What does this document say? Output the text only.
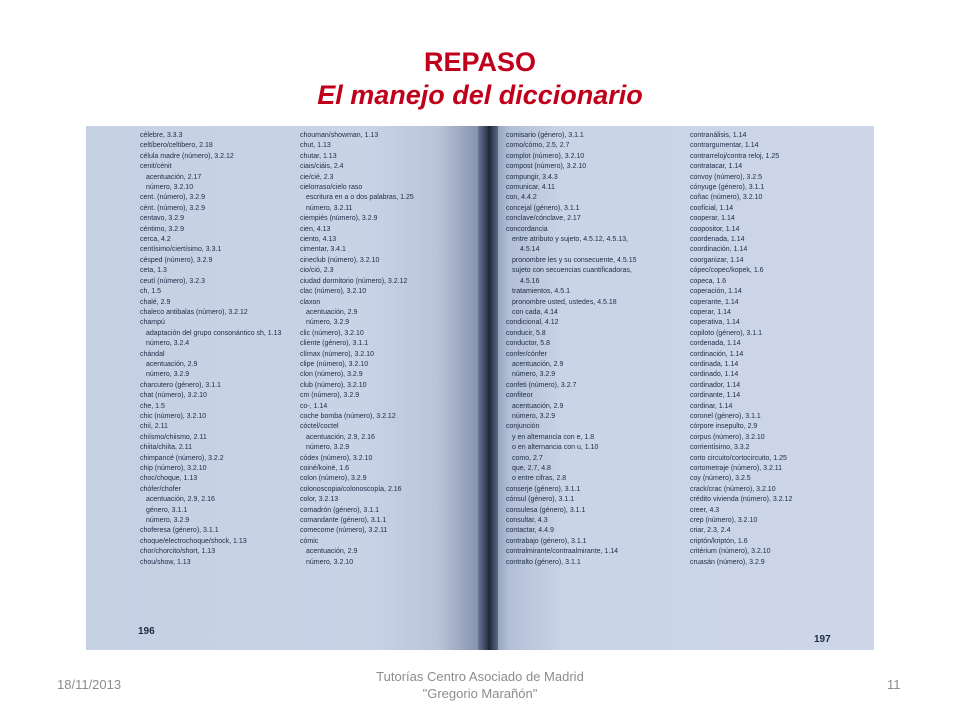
REPASO
El manejo del diccionario
célebre, 3.3.3
celtíbero/celtibero, 2.18
célula madre (número), 3.2.12
cenit/cénit
acentuación, 2.17
número, 3.2.10
cent. (número), 3.2.9
cént. (número), 3.2.9
centavo, 3.2.9
céntimo, 3.2.9
cerca, 4.2
centísimo/ciertísimo, 3.3.1
césped (número), 3.2.9
ceta, 1.3
ceutí (número), 3.2.3
ch, 1.5
chalé, 2.9
chaleco antibalas (número), 3.2.12
champú
adaptación del grupo consonántico sh, 1.13
número, 3.2.4
chándal
acentuación, 2.9
número, 3.2.9
charcutero (género), 3.1.1
chat (número), 3.2.10
che, 1.5
chic (número), 3.2.10
chií, 2.11
chiísmo/chiismo, 2.11
chiita/chiíta, 2.11
chimpancé (número), 3.2.2
chip (número), 3.2.10
choc/choque, 1.13
chófer/chofer
acentuación, 2.9, 2.16
género, 3.1.1
número, 3.2.9
choferesa (género), 3.1.1
choque/electrochoque/shock, 1.13
chor/chorcito/short, 1.13
chou/show, 1.13
chouman/showman, 1.13
chut, 1.13
chutar, 1.13
ciais/ciáis, 2.4
cie/cié, 2.3
cielorraso/cielo raso
escritura en a o dos palabras, 1.25
número, 3.2.11
ciempiés (número), 3.2.9
cien, 4.13
ciento, 4.13
cimentar, 3.4.1
cineclub (número), 3.2.10
cio/ció, 2.3
ciudad dormitorio (número), 3.2.12
clac (número), 3.2.10
claxon
acentuación, 2.9
número, 3.2.9
clic (número), 3.2.10
cliente (género), 3.1.1
clímax (número), 3.2.10
clipe (número), 3.2.10
clon (número), 3.2.9
club (número), 3.2.10
cm (número), 3.2.9
co-, 1.14
coche bomba (número), 3.2.12
cóctel/coctel
acentuación, 2.9, 2.16
número, 3.2.9
códex (número), 3.2.10
coiné/koiné, 1.6
colon (número), 3.2.9
colonoscopia/colonoscopía, 2.16
color, 3.2.13
comadrón (género), 3.1.1
comandante (género), 3.1.1
comecome (número), 3.2.11
cómic
acentuación, 2.9
número, 3.2.10
comisario (género), 3.1.1
como/cómo, 2.5, 2.7
complot (número), 3.2.10
compost (número), 3.2.10
compungir, 3.4.3
comunicar, 4.11
con, 4.4.2
concejal (género), 3.1.1
conclave/cónclave, 2.17
concordancia
entre atributo y sujeto, 4.5.12, 4.5.13,
4.5.14
pronombre les y su consecuente, 4.5.15
sujeto con secuencias cuantificadoras,
4.5.16
tratamientos, 4.5.1
pronombre usted, ustedes, 4.5.18
con cada, 4.14
condicional, 4.12
conducir, 5.8
conductor, 5.8
confer/cónfer
acentuación, 2.9
número, 3.2.9
confeti (número), 3.2.7
confiteor
acentuación, 2.9
número, 3.2.9
conjunción
y en alternancia con e, 1.8
o en alternancia con u, 1.10
como, 2.7
que, 2.7, 4.8
o entre cifras, 2.8
conserje (género), 3.1.1
cónsul (género), 3.1.1
consulesa (género), 3.1.1
consultar, 4.3
contactar, 4.4.9
contrabajo (género), 3.1.1
contralmirante/contraalmirante, 1.14
contralto (género), 3.1.1
contranálisis, 1.14
contrargumentar, 1.14
contrarreloj/contra reloj, 1.25
contratacar, 1.14
convoy (número), 3.2.5
cónyuge (género), 3.1.1
coñac (número), 3.2.10
coofícial, 1.14
cooperar, 1.14
coopositor, 1.14
coordenada, 1.14
coordinación, 1.14
coorganizar, 1.14
cópec/copec/kopek, 1.6
copeca, 1.6
coperación, 1.14
coperante, 1.14
coperar, 1.14
coperativa, 1.14
copiloto (género), 3.1.1
cordenada, 1.14
cordinación, 1.14
cordinada, 1.14
cordinado, 1.14
cordinador, 1.14
cordinante, 1.14
cordinar, 1.14
coronel (género), 3.1.1
córpore insepulto, 2.9
corpus (número), 3.2.10
corrientísimo, 3.3.2
corto circuito/cortocircuito, 1.25
cortometraje (número), 3.2.11
coy (número), 3.2.5
crack/crac (número), 3.2.10
crédito vivienda (número), 3.2.12
creer, 4.3
crep (número), 3.2.10
criar, 2.3, 2.4
criptón/kriptón, 1.6
critérium (número), 3.2.10
cruasán (número), 3.2.9
196
197
18/11/2013
Tutorías Centro Asociado de Madrid
"Gregorio Marañón"
11
